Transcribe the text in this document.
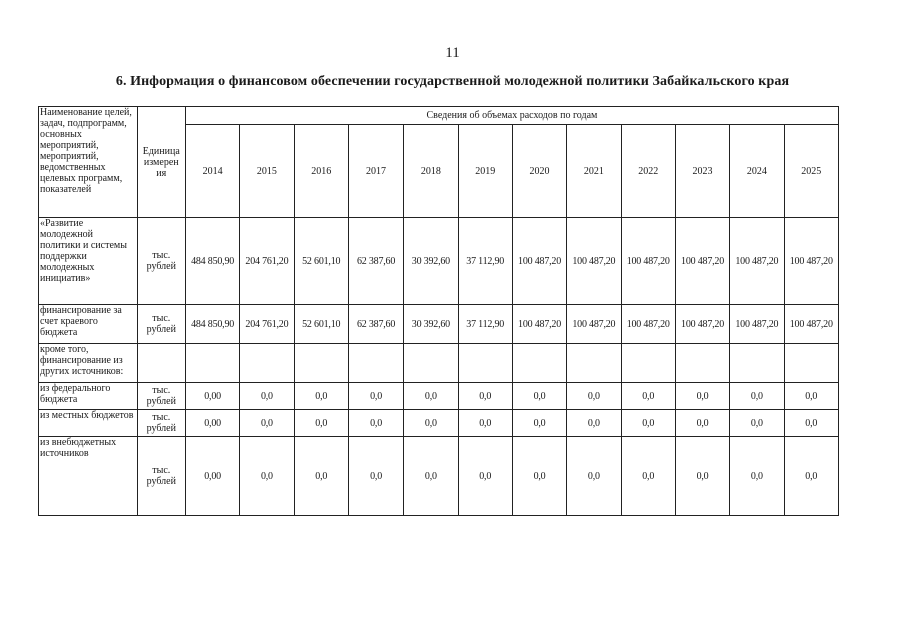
11
6. Информация о финансовом обеспечении государственной молодежной политики Забайкальского края
Наименование целей, задач, подпрограмм, основных мероприятий, мероприятий, ведомственных целевых программ, показателей	Единица измерен ия	Сведения об объемах расходов по годам											
		2014	2015	2016	2017	2018	2019	2020	2021	2022	2023	2024	2025
«Развитие молодежной политики и системы поддержки молодежных инициатив»	тыс. рублей	484 850,90	204 761,20	52 601,10	62 387,60	30 392,60	37 112,90	100 487,20	100 487,20	100 487,20	100 487,20	100 487,20	100 487,20
финансирование за счет краевого бюджета	тыс. рублей	484 850,90	204 761,20	52 601,10	62 387,60	30 392,60	37 112,90	100 487,20	100 487,20	100 487,20	100 487,20	100 487,20	100 487,20
кроме того, финансирование из других источников:													
из федерального бюджета	тыс. рублей	0,00	0,0	0,0	0,0	0,0	0,0	0,0	0,0	0,0	0,0	0,0	0,0
из местных бюджетов	тыс. рублей	0,00	0,0	0,0	0,0	0,0	0,0	0,0	0,0	0,0	0,0	0,0	0,0
из внебюджетных источников	тыс. рублей	0,00	0,0	0,0	0,0	0,0	0,0	0,0	0,0	0,0	0,0	0,0	0,0
